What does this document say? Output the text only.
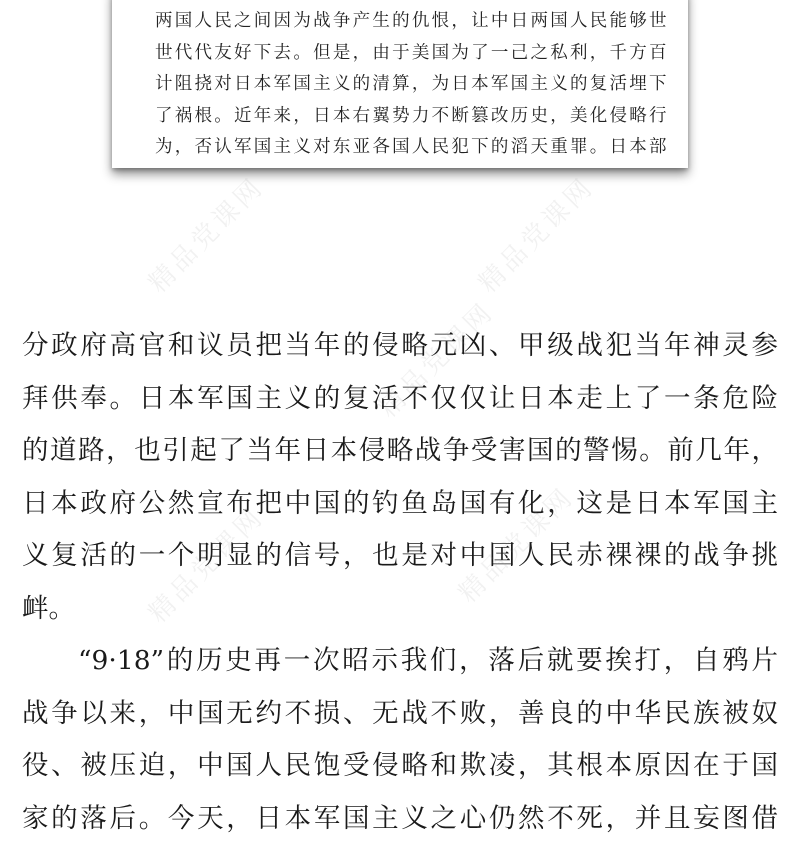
两国人民之间因为战争产生的仇恨，让中日两国人民能够世
世代代友好下去。但是，由于美国为了一己之私利，千方百
计阻挠对日本军国主义的清算，为日本军国主义的复活埋下
了祸根。近年来，日本右翼势力不断篡改历史，美化侵略行
为，否认军国主义对东亚各国人民犯下的滔天重罪。日本部
分政府高官和议员把当年的侵略元凶、甲级战犯当年神灵参
拜供奉。日本军国主义的复活不仅仅让日本走上了一条危险
的道路，也引起了当年日本侵略战争受害国的警惕。前几年，
日本政府公然宣布把中国的钓鱼岛国有化，这是日本军国主
义复活的一个明显的信号，也是对中国人民赤裸裸的战争挑
衅。
“9·18”的历史再一次昭示我们，落后就要挨打，自鸦片
战争以来，中国无约不损、无战不败，善良的中华民族被奴
役、被压迫，中国人民饱受侵略和欺凌，其根本原因在于国
家的落后。今天，日本军国主义之心仍然不死，并且妄图借
精品党课网	精品党课网
精品党课网	精品党课网
精品党课网
